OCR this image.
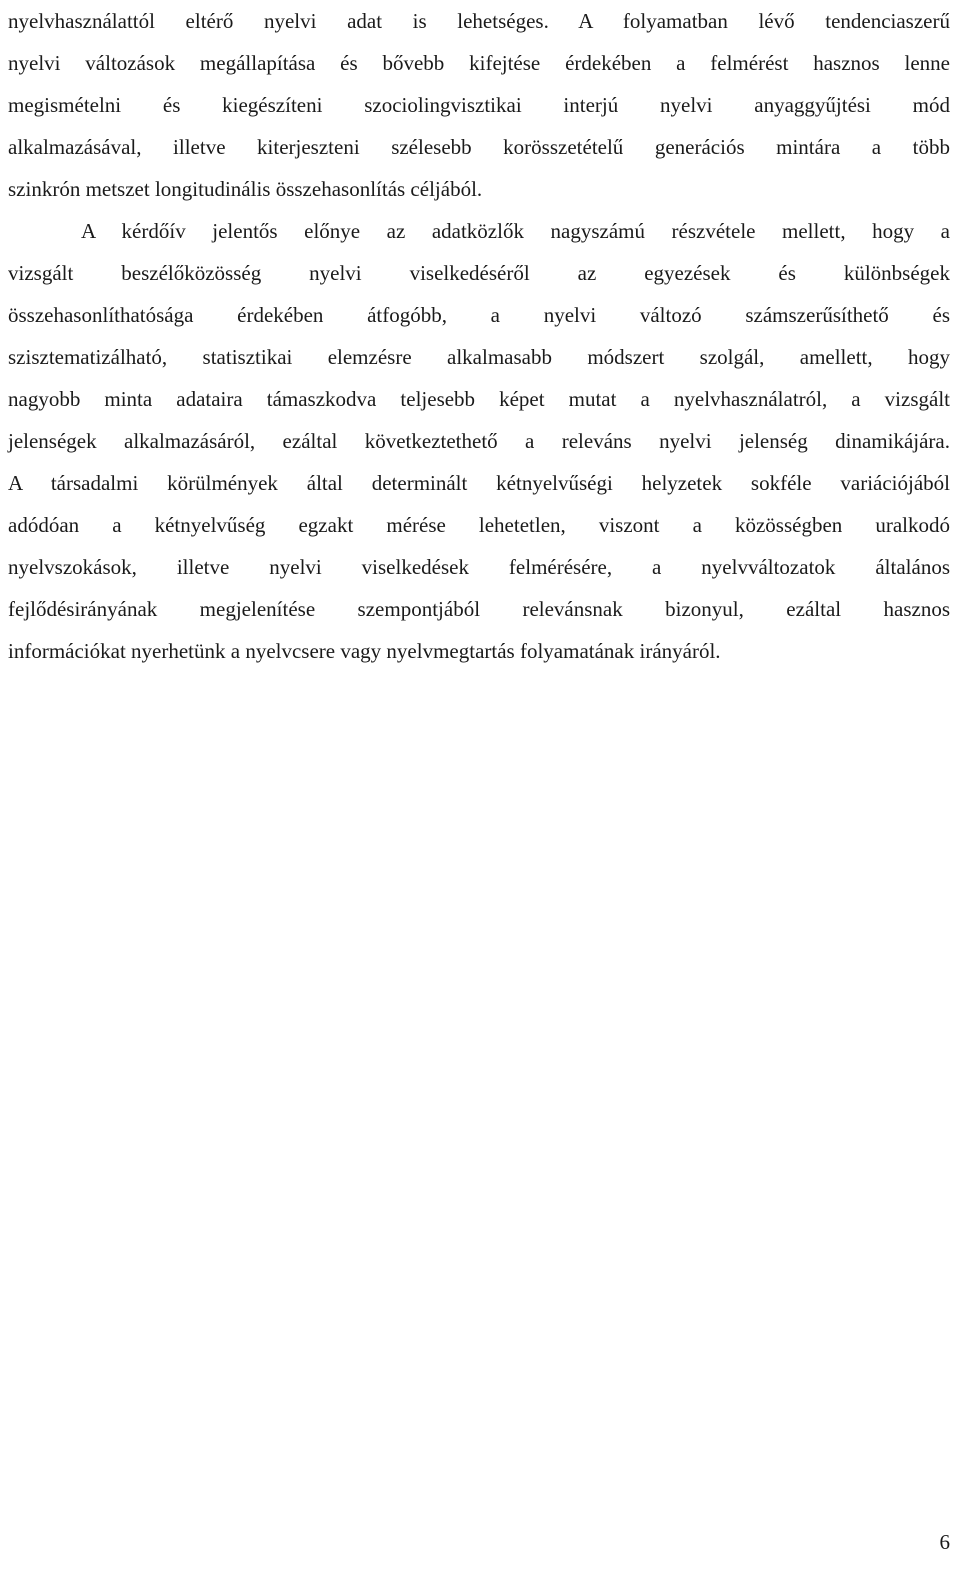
nyelvhasználattól eltérő nyelvi adat is lehetséges. A folyamatban lévő tendenciaszerű
nyelvi változások megállapítása és bővebb kifejtése érdekében a felmérést hasznos lenne
megismételni és kiegészíteni szociolingvisztikai interjú nyelvi anyaggyűjtési mód
alkalmazásával, illetve kiterjeszteni szélesebb korösszetételű generációs mintára a több
szinkrón metszet longitudinális összehasonlítás céljából.
A kérdőív jelentős előnye az adatközlők nagyszámú részvétele mellett, hogy a
vizsgált beszélőközösség nyelvi viselkedéséről az egyezések és különbségek
összehasonlíthatósága érdekében átfogóbb, a nyelvi változó számszerűsíthető és
szisztematizálható, statisztikai elemzésre alkalmasabb módszert szolgál, amellett, hogy
nagyobb minta adataira támaszkodva teljesebb képet mutat a nyelvhasználatról, a vizsgált
jelenségek alkalmazásáról, ezáltal következtethető a releváns nyelvi jelenség dinamikájára.
A társadalmi körülmények által determinált kétnyelvűségi helyzetek sokféle variációjából
adódóan a kétnyelvűség egzakt mérése lehetetlen, viszont a közösségben uralkodó
nyelvszokások, illetve nyelvi viselkedések felmérésére, a nyelvváltozatok általános
fejlődésirányának megjelenítése szempontjából relevánsnak bizonyul, ezáltal hasznos
információkat nyerhetünk a nyelvcsere vagy nyelvmegtartás folyamatának irányáról.
6
